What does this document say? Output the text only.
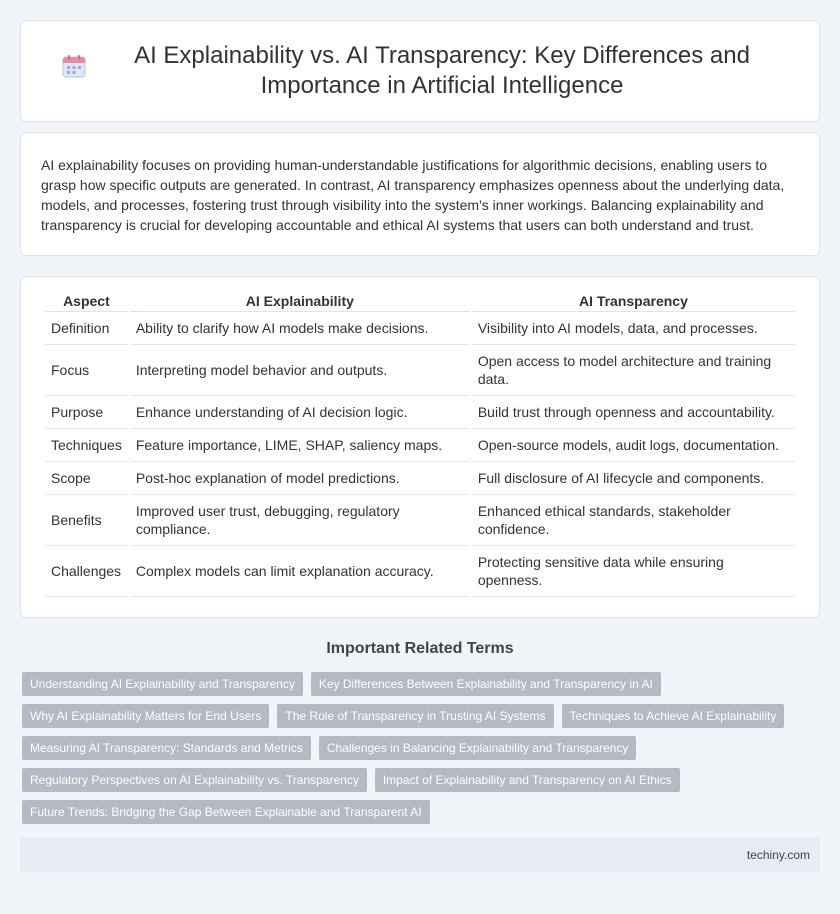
AI Explainability vs. AI Transparency: Key Differences and Importance in Artificial Intelligence

AI explainability focuses on providing human-understandable justifications for algorithmic decisions, enabling users to grasp how specific outputs are generated. In contrast, AI transparency emphasizes openness about the underlying data, models, and processes, fostering trust through visibility into the system's inner workings. Balancing explainability and transparency is crucial for developing accountable and ethical AI systems that users can both understand and trust.

Aspect	AI Explainability	AI Transparency
Definition	Ability to clarify how AI models make decisions.	Visibility into AI models, data, and processes.
Focus	Interpreting model behavior and outputs.	Open access to model architecture and training data.
Purpose	Enhance understanding of AI decision logic.	Build trust through openness and accountability.
Techniques	Feature importance, LIME, SHAP, saliency maps.	Open-source models, audit logs, documentation.
Scope	Post-hoc explanation of model predictions.	Full disclosure of AI lifecycle and components.
Benefits	Improved user trust, debugging, regulatory compliance.	Enhanced ethical standards, stakeholder confidence.
Challenges	Complex models can limit explanation accuracy.	Protecting sensitive data while ensuring openness.
Important Related Terms
Understanding AI Explainability and Transparency	Key Differences Between Explainability and Transparency in AI
Why AI Explainability Matters for End Users	The Role of Transparency in Trusting AI Systems	Techniques to Achieve AI Explainability
Measuring AI Transparency: Standards and Metrics	Challenges in Balancing Explainability and Transparency
Regulatory Perspectives on AI Explainability vs. Transparency	Impact of Explainability and Transparency on AI Ethics
Future Trends: Bridging the Gap Between Explainable and Transparent AI
techiny.com
